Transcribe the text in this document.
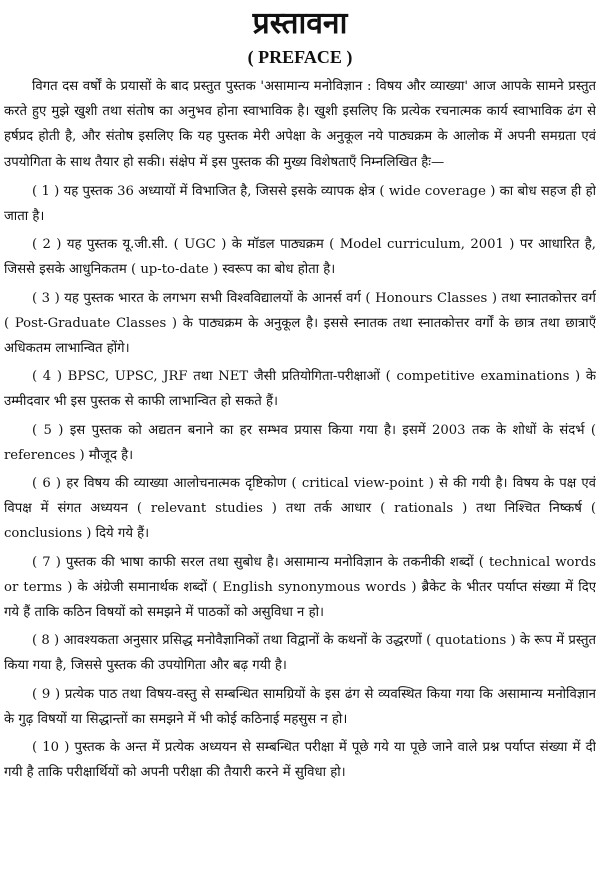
प्रस्तावना
( PREFACE )

विगत दस वर्षों के प्रयासों के बाद प्रस्तुत पुस्तक 'असामान्य मनोविज्ञान : विषय और व्याख्या' आज आपके सामने प्रस्तुत करते हुए मुझे खुशी तथा संतोष का अनुभव होना स्वाभाविक है। खुशी इसलिए कि प्रत्येक रचनात्मक कार्य स्वाभाविक ढंग से हर्षप्रद होती है, और संतोष इसलिए कि यह पुस्तक मेरी अपेक्षा के अनुकूल नये पाठ्यक्रम के आलोक में अपनी समग्रता एवं उपयोगिता के साथ तैयार हो सकी। संक्षेप में इस पुस्तक की मुख्य विशेषताएँ निम्नलिखित हैः—

( 1 ) यह पुस्तक 36 अध्यायों में विभाजित है, जिससे इसके व्यापक क्षेत्र ( wide coverage ) का बोध सहज ही हो जाता है।

( 2 ) यह पुस्तक यू.जी.सी. ( UGC ) के मॉडल पाठ्यक्रम ( Model curriculum, 2001 ) पर आधारित है, जिससे इसके आधुनिकतम ( up-to-date ) स्वरूप का बोध होता है।

( 3 ) यह पुस्तक भारत के लगभग सभी विश्वविद्यालयों के आनर्स वर्ग ( Honours Classes ) तथा स्नातकोत्तर वर्ग ( Post-Graduate Classes ) के पाठ्यक्रम के अनुकूल है। इससे स्नातक तथा स्नातकोत्तर वर्गों के छात्र तथा छात्राएँ अधिकतम लाभान्वित होंगे।

( 4 ) BPSC, UPSC, JRF तथा NET जैसी प्रतियोगिता-परीक्षाओं ( competitive examinations ) के उम्मीदवार भी इस पुस्तक से काफी लाभान्वित हो सकते हैं।

( 5 ) इस पुस्तक को अद्यतन बनाने का हर सम्भव प्रयास किया गया है। इसमें 2003 तक के शोधों के संदर्भ ( references ) मौजूद है।

( 6 ) हर विषय की व्याख्या आलोचनात्मक दृष्टिकोण ( critical view-point ) से की गयी है। विषय के पक्ष एवं विपक्ष में संगत अध्ययन ( relevant studies ) तथा तर्क आधार ( rationals ) तथा निश्चित निष्कर्ष ( conclusions ) दिये गये हैं।

( 7 ) पुस्तक की भाषा काफी सरल तथा सुबोध है। असामान्य मनोविज्ञान के तकनीकी शब्दों ( technical words or terms ) के अंग्रेजी समानार्थक शब्दों ( English synonymous words ) ब्रैकेट के भीतर पर्याप्त संख्या में दिए गये हैं ताकि कठिन विषयों को समझने में पाठकों को असुविधा न हो।

( 8 ) आवश्यकता अनुसार प्रसिद्ध मनोवैज्ञानिकों तथा विद्वानों के कथनों के उद्धरणों ( quotations ) के रूप में प्रस्तुत किया गया है, जिससे पुस्तक की उपयोगिता और बढ़ गयी है।

( 9 ) प्रत्येक पाठ तथा विषय-वस्तु से सम्बन्धित सामग्रियों के इस ढंग से व्यवस्थित किया गया कि असामान्य मनोविज्ञान के गुढ़ विषयों या सिद्धान्तों का समझने में भी कोई कठिनाई महसुस न हो।

( 10 ) पुस्तक के अन्त में प्रत्येक अध्ययन से सम्बन्धित परीक्षा में पूछे गये या पूछे जाने वाले प्रश्न पर्याप्त संख्या में दी गयी है ताकि परीक्षार्थियों को अपनी परीक्षा की तैयारी करने में सुविधा हो।
